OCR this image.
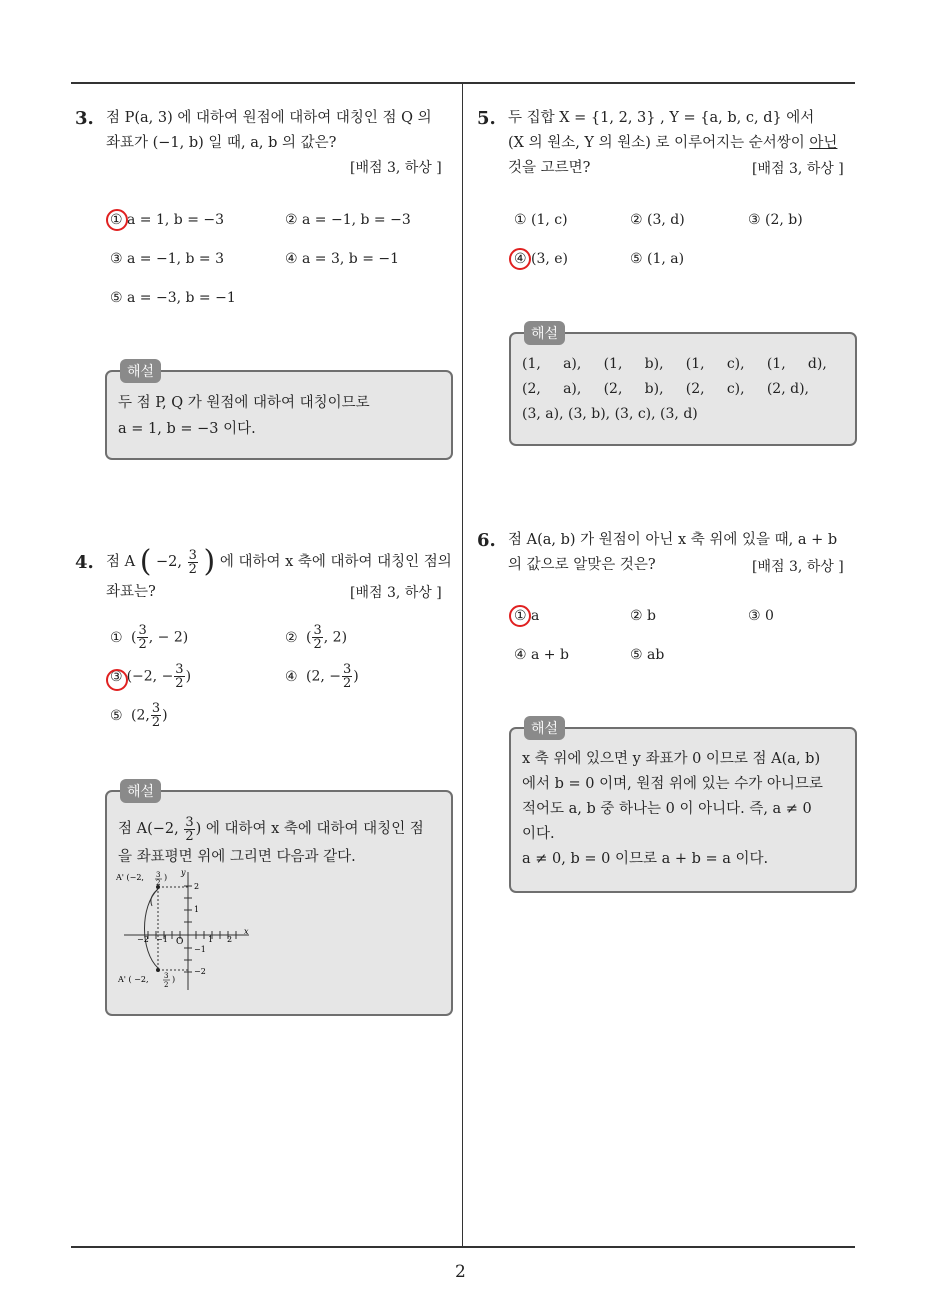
2
3. 점 P(a, 3) 에 대하여 원점에 대하여 대칭인 점 Q 의
좌표가 (−1, b) 일 때, a, b 의 값은?
[배점 3, 하상 ]
① a = 1, b = −3	② a = −1, b = −3
③ a = −1, b = 3	④ a = 3, b = −1
⑤ a = −3, b = −1
해설
두 점 P, Q 가 원점에 대하여 대칭이므로
a = 1, b = −3 이다.
4. 점 A ( −2, $\frac{3}{2}$ ) 에 대하여 x 축에 대하여 대칭인 점의
좌표는?	[배점 3, 하상 ]
① ( $\frac{3}{2}$ , − 2)	② ( $\frac{3}{2}$ , 2)
③ (−2, − $\frac{3}{2}$ )	④ (2, − $\frac{3}{2}$ )
⑤ (2, $\frac{3}{2}$ )
해설
점 A(−2, $\frac{3}{2}$ ) 에 대하여 x 축에 대하여 대칭인 점
을 좌표평면 위에 그리면 다음과 같다.
A' (−2, 3
2
)
A' ( −2, 3
2
)
y
x
O
2
1
−1
−2
−2 −1	1 2
5. 두 집합 X = {1, 2, 3} , Y = {a, b, c, d} 에서
(X 의 원소, Y 의 원소) 로 이루어지는 순서쌍이 아닌
것을 고르면?	[배점 3, 하상 ]
① (1, c)	② (3, d)	③ (2, b)
④ (3, e)	⑤ (1, a)
해설
(1,     a),     (1,     b),     (1,     c),     (1,     d),
(2,     a),     (2,     b),     (2,     c),     (2, d),
(3, a), (3, b), (3, c), (3, d)
6. 점 A(a, b) 가 원점이 아닌 x 축 위에 있을 때, a + b
의 값으로 알맞은 것은?	[배점 3, 하상 ]
① a	② b	③ 0
④ a + b	⑤ ab
해설
x 축 위에 있으면 y 좌표가 0 이므로 점 A(a, b)
에서 b = 0 이며, 원점 위에 있는 수가 아니므로
적어도 a, b 중 하나는 0 이 아니다. 즉, a ≠ 0
이다.
a ≠ 0, b = 0 이므로 a + b = a 이다.
